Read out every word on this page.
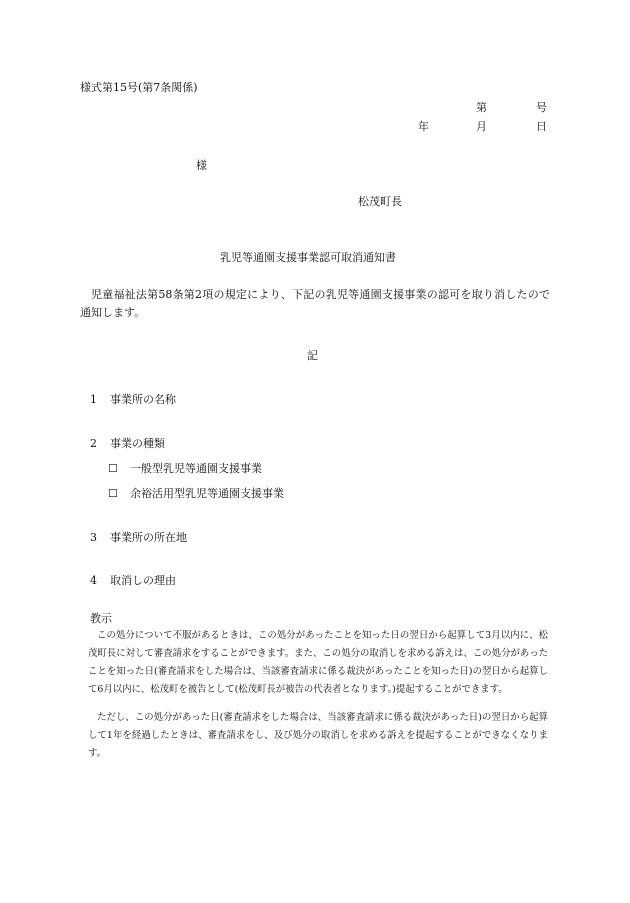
様式第15号(第7条関係)
第	号
年	月	日
様
松茂町長
乳児等通園支援事業認可取消通知書
児童福祉法第58条第2項の規定により、下記の乳児等通園支援事業の認可を取り消したので通知します。
記
1 事業所の名称
2 事業の種類
☐ 一般型乳児等通園支援事業
☐ 余裕活用型乳児等通園支援事業
3 事業所の所在地
4 取消しの理由
教示
この処分について不服があるときは、この処分があったことを知った日の翌日から起算して3月以内に、松茂町長に対して審査請求をすることができます。また、この処分の取消しを求める訴えは、この処分があったことを知った日(審査請求をした場合は、当該審査請求に係る裁決があったことを知った日)の翌日から起算して6月以内に、松茂町を被告として(松茂町長が被告の代表者となります。)提起することができます。
ただし、この処分があった日(審査請求をした場合は、当該審査請求に係る裁決があった日)の翌日から起算して1年を経過したときは、審査請求をし、及び処分の取消しを求める訴えを提起することができなくなります。
